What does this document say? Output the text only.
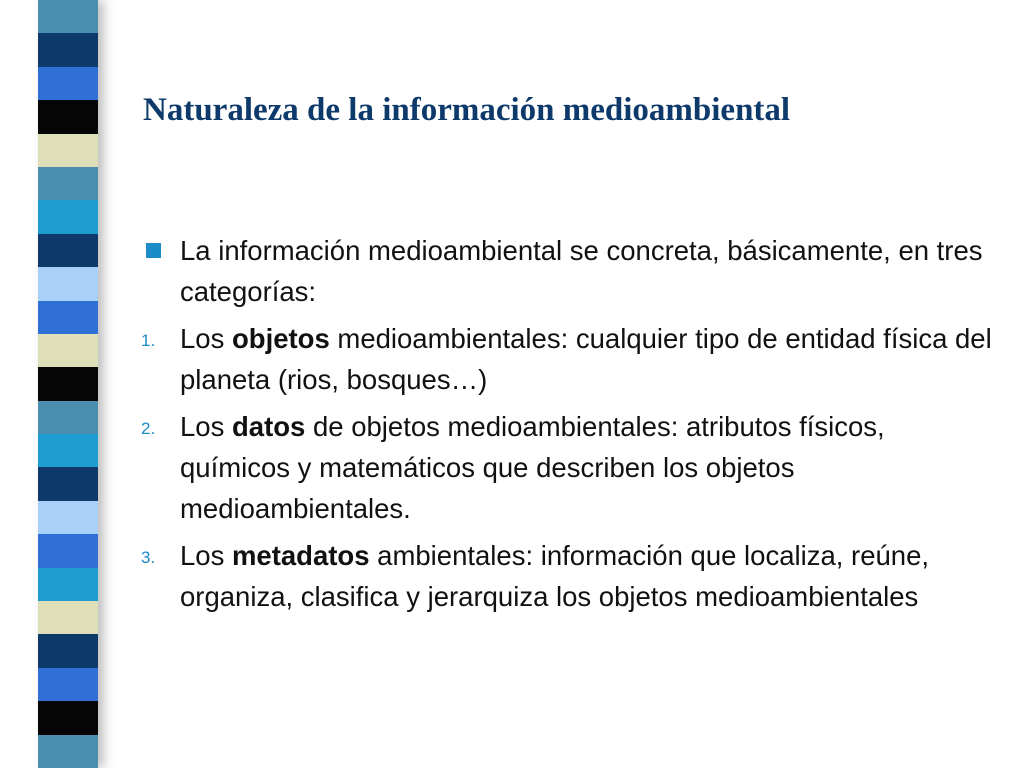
Naturaleza de la información medioambiental
La información medioambiental se concreta, básicamente, en tres categorías:
1. Los objetos medioambientales: cualquier tipo de entidad física del planeta (rios, bosques…)
2. Los datos de objetos medioambientales: atributos físicos, químicos y matemáticos que describen los objetos medioambientales.
3. Los metadatos ambientales: información que localiza, reúne, organiza, clasifica y jerarquiza los objetos medioambientales
